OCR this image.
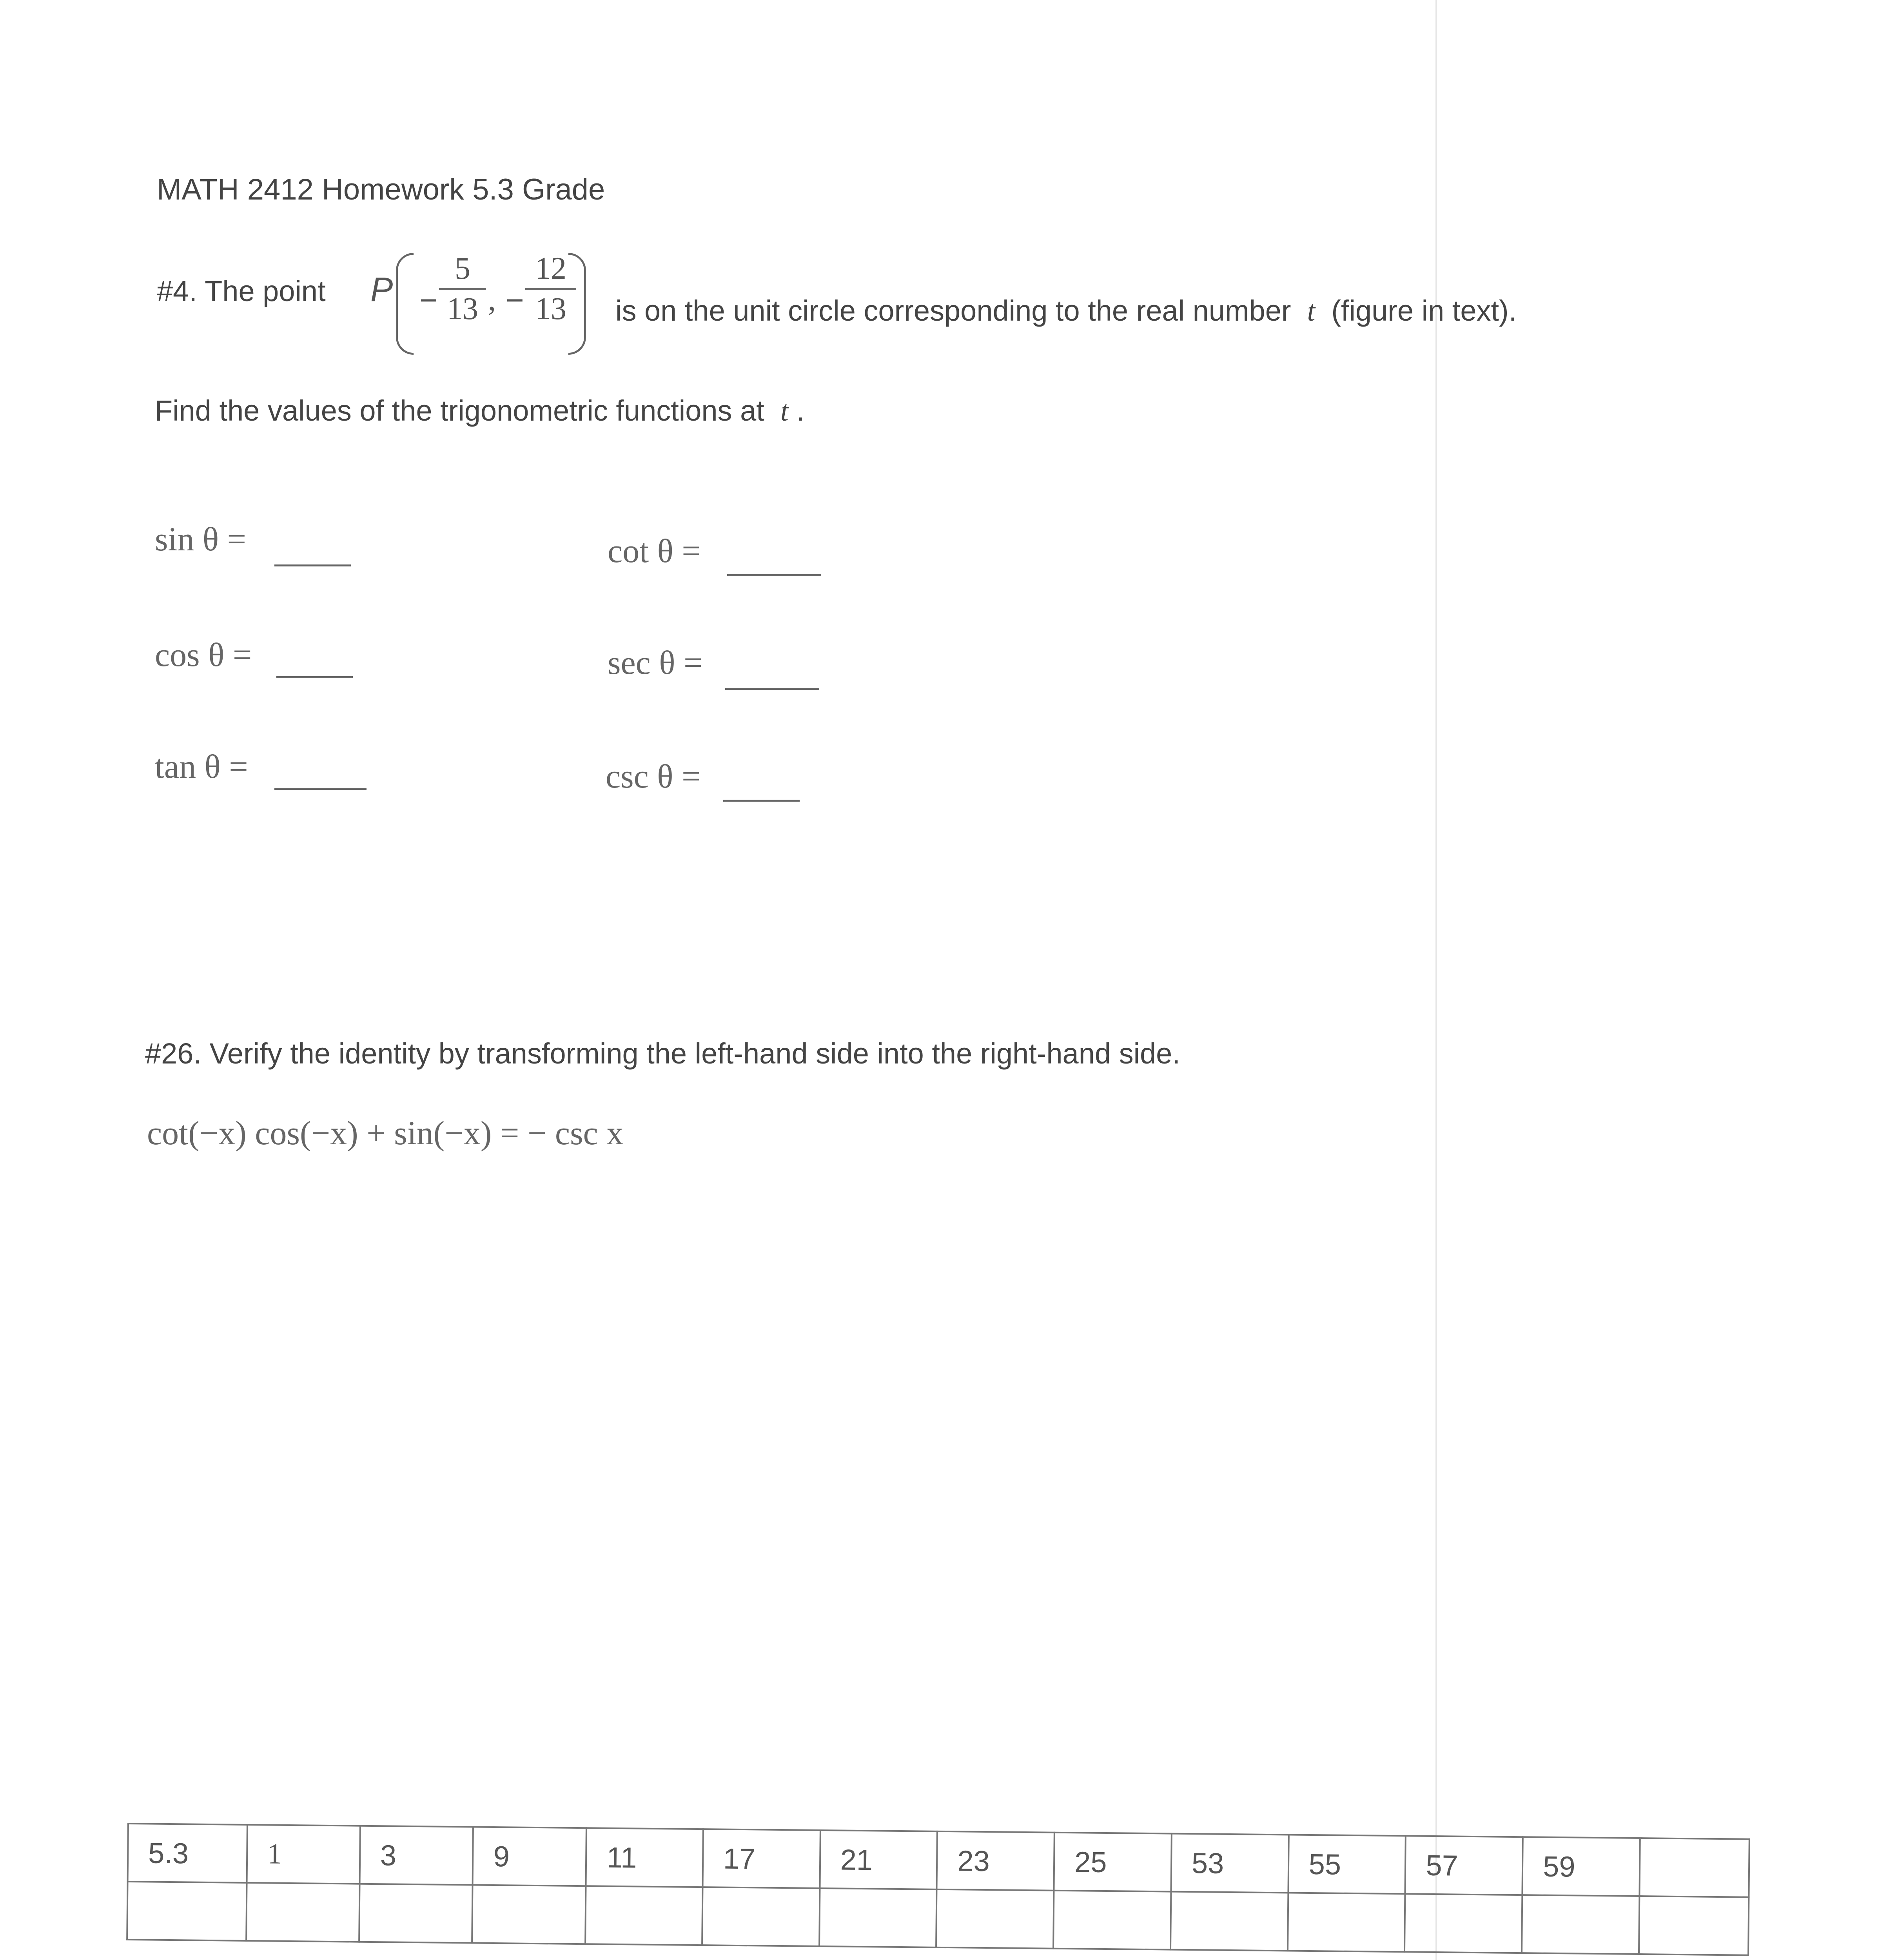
MATH 2412 Homework 5.3 Grade
#4. The point P −
5
13 , −
12
13	is on the unit circle corresponding to the real number t (figure in text).
Find the values of the trigonometric functions at t .
sin θ =
cos θ =
tan θ =
cot θ =
sec θ =
csc θ =
#26. Verify the identity by transforming the left-hand side into the right-hand side.
cot(−x) cos(−x) + sin(−x) = − csc x
5.3	1	3	9	11	17	21	23	25	53	55	57	59	
